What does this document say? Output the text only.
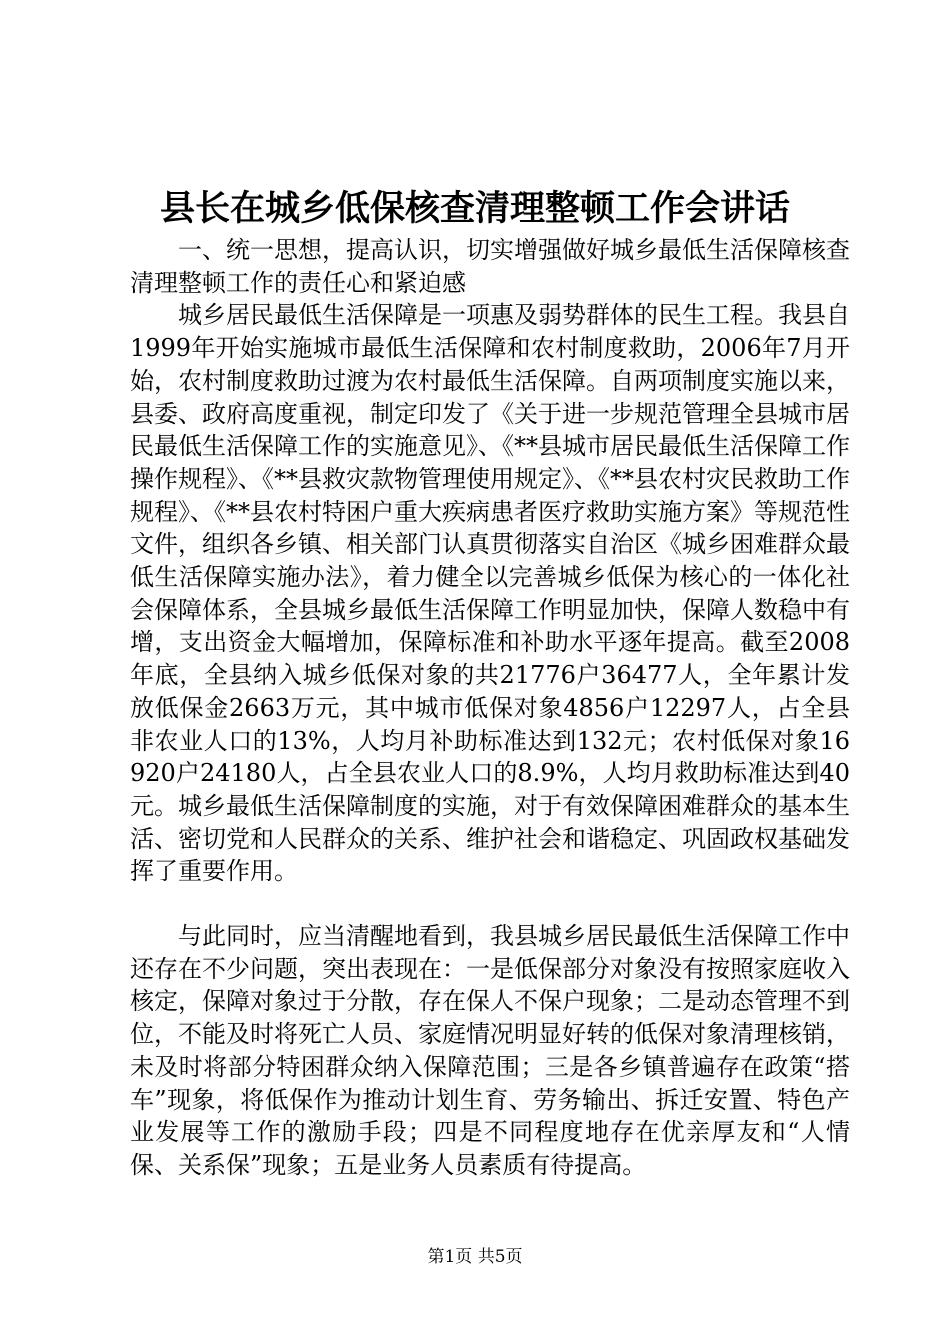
县长在城乡低保核查清理整顿工作会讲话

一、统一思想，提高认识，切实增强做好城乡最低生活保障核查清理整顿工作的责任心和紧迫感

城乡居民最低生活保障是一项惠及弱势群体的民生工程。我县自1999年开始实施城市最低生活保障和农村制度救助，2006年7月开始，农村制度救助过渡为农村最低生活保障。自两项制度实施以来，县委、政府高度重视，制定印发了《关于进一步规范管理全县城市居民最低生活保障工作的实施意见》、《**县城市居民最低生活保障工作操作规程》、《**县救灾款物管理使用规定》、《**县农村灾民救助工作规程》、《**县农村特困户重大疾病患者医疗救助实施方案》等规范性文件，组织各乡镇、相关部门认真贯彻落实自治区《城乡困难群众最低生活保障实施办法》，着力健全以完善城乡低保为核心的一体化社会保障体系，全县城乡最低生活保障工作明显加快，保障人数稳中有增，支出资金大幅增加，保障标准和补助水平逐年提高。截至2008年底，全县纳入城乡低保对象的共21776户36477人，全年累计发放低保金2663万元，其中城市低保对象4856户12297人，占全县非农业人口的13%，人均月补助标准达到132元；农村低保对象16920户24180人，占全县农业人口的8.9%，人均月救助标准达到40元。城乡最低生活保障制度的实施，对于有效保障困难群众的基本生活、密切党和人民群众的关系、维护社会和谐稳定、巩固政权基础发挥了重要作用。

与此同时，应当清醒地看到，我县城乡居民最低生活保障工作中还存在不少问题，突出表现在：一是低保部分对象没有按照家庭收入核定，保障对象过于分散，存在保人不保户现象；二是动态管理不到位，不能及时将死亡人员、家庭情况明显好转的低保对象清理核销，未及时将部分特困群众纳入保障范围；三是各乡镇普遍存在政策“搭车”现象，将低保作为推动计划生育、劳务输出、拆迁安置、特色产业发展等工作的激励手段；四是不同程度地存在优亲厚友和“人情保、关系保”现象；五是业务人员素质有待提高。

第1页 共5页
